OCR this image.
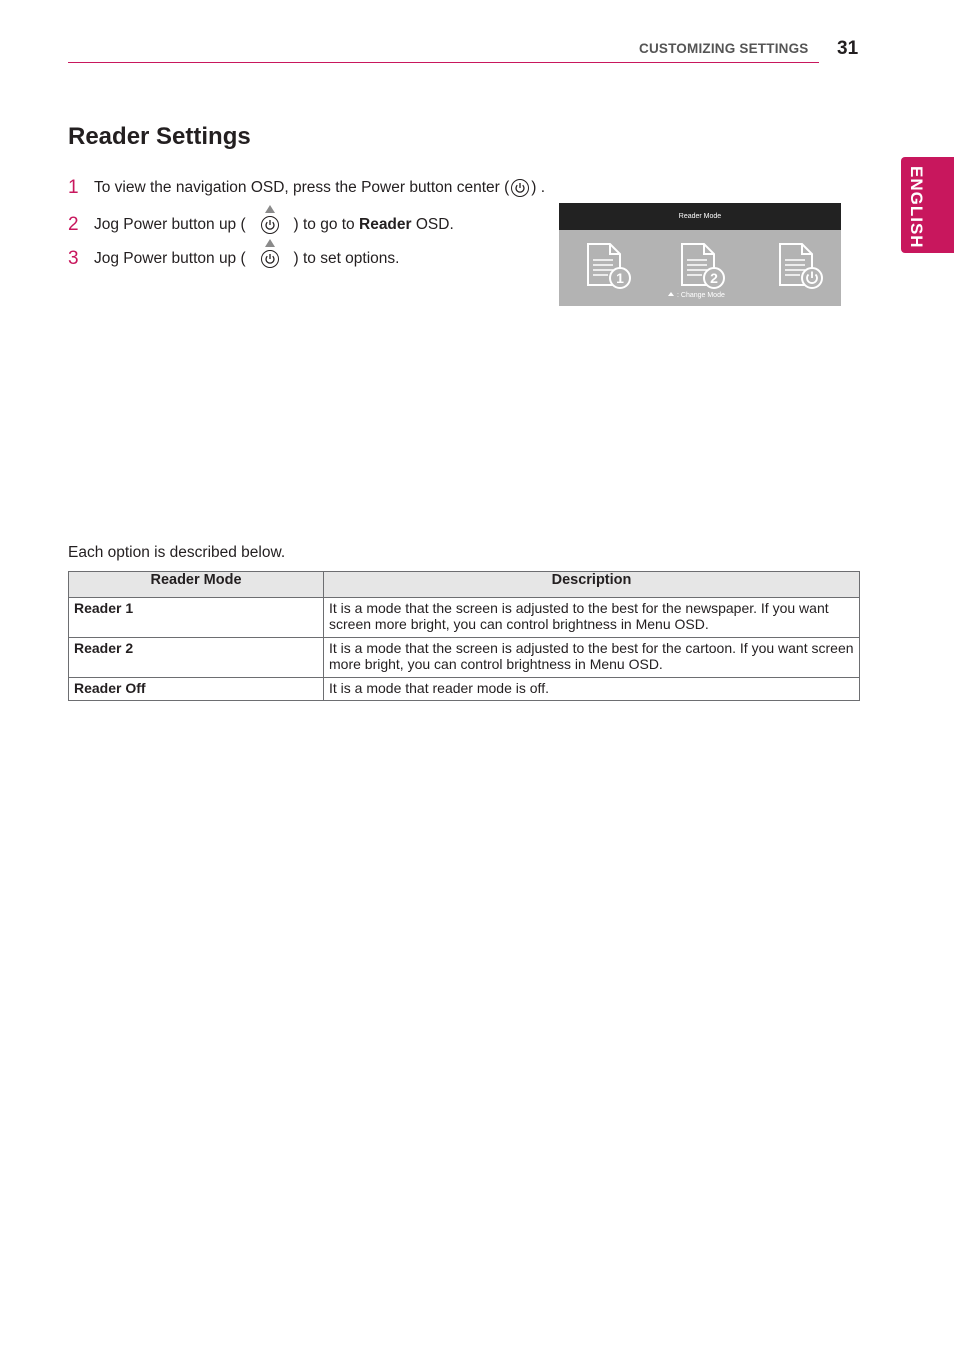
CUSTOMIZING SETTINGS 31
ENGLISH
Reader Settings
1 To view the navigation OSD, press the Power button center ( ) .
2 Jog Power button up (	) to go to Reader OSD.
3 Jog Power button up (	) to set options.
Reader Mode
1	2
: Change Mode
Each option is described below.
Reader Mode	Description
Reader 1	It is a mode that the screen is adjusted to the best for the newspaper. If you want screen more bright, you can control brightness in Menu OSD.
Reader 2	It is a mode that the screen is adjusted to the best for the cartoon. If you want screen more bright, you can control brightness in Menu OSD.
Reader Off	It is a mode that reader mode is off.
